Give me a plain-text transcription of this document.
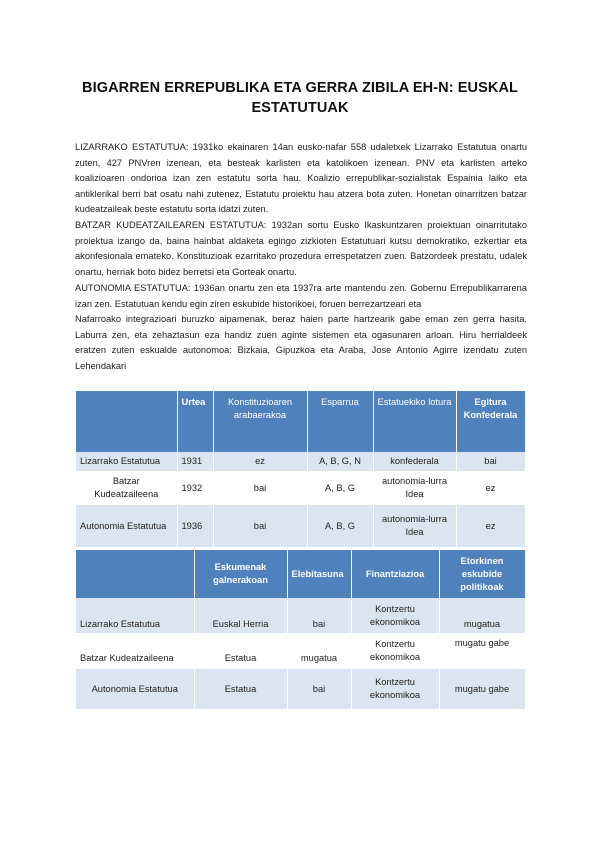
BIGARREN ERREPUBLIKA ETA GERRA ZIBILA EH-N: EUSKAL ESTATUTUAK

LIZARRAKO ESTATUTUA: 1931ko ekainaren 14an eusko-nafar 558 udaletxek Lizarrako Estatutua onartu zuten, 427 PNVren izenean, eta besteak karlisten eta katolikoen izenean. PNV eta karlisten arteko koalizioaren ondorioa izan zen estatutu sorta hau. Koalizio errepublikar-sozialistak Espainia laiko eta antiklerikal berri bat osatu nahi zutenez, Estatutu proiektu hau atzera bota zuten. Honetan oinarritzen batzar kudeatzaileak beste estatutu sorta idatzi zuten.

BATZAR KUDEATZAILEAREN ESTATUTUA: 1932an sortu Eusko Ikaskuntzaren proiektuan oinarritutako proiektua izango da, baina hainbat aldaketa egingo zizkioten Estatutuari kutsu demokratiko, ezkertiar eta akonfesionala emateko. Konstituzioak ezarritako prozedura errespetatzen zuen. Batzordeek prestatu, udalek onartu, herriak boto bidez berretsi eta Gorteak onartu.

AUTONOMIA ESTATUTUA: 1936an onartu zen eta 1937ra arte mantendu zen. Gobernu Errepublikarrarena izan zen. Estatutuan kendu egin ziren eskubide historikoei, foruen berrezartzeari eta

Nafarroako integrazioari buruzko aipamenak, beraz haien parte hartzearik gabe eman zen gerra hasita. Laburra zen, eta zehaztasun eza handiz zuen aginte sistemen eta ogasunaren arloan. Hiru herrialdeek eratzen zuten eskualde autonomoa: Bizkaia, Gipuzkoa eta Araba, Jose Antonio Agirre izendatu zuten Lehendakari

	Urtea	Konstituzioaren arabaerakoa	Esparrua	Estatuekiko lotura	Egitura Konfederala
Lizarrako Estatutua	1931	ez	A, B, G, N	konfederala	bai
Batzar Kudeatzaileena	1932	bai	A, B, G	autonomia-lurra Idea	ez
Autonomia Estatutua	1936	bai	A, B, G	autonomia-lurra Idea	ez
	Eskumenak galnerakoan	Elebitasuna	Finantziazioa	Etorkinen eskubide politikoak
Lizarrako Estatutua	Euskal Herria	bai	Kontzertu ekonomikoa	mugatua
Batzar Kudeatzaileena	Estatua	mugatua	Kontzertu ekonomikoa	mugatu gabe
Autonomia Estatutua	Estatua	bai	Kontzertu ekonomikoa	mugatu gabe
